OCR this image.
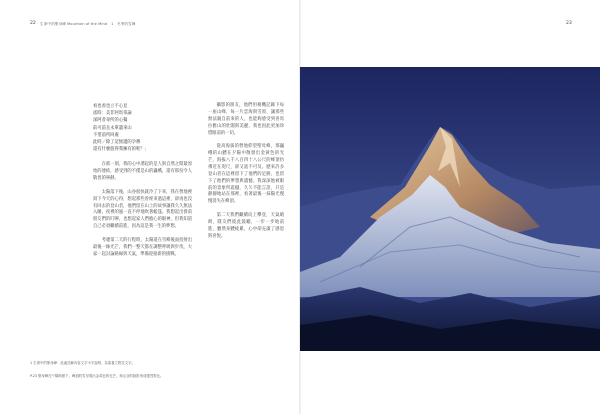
22 生命中的聖母峰 Mountain of the Mind　1　冬季的雪峰	23
看也看也立不心見
遙時：美非阿馬蒂論
深阿者尋所的心獨
前可前且永單遺來山
不望前所回處
此時／除了這無邊的孕穆
還有什麼值得我擁有的呢？」

在那一刻，我的心中湧起的是人與自然之間最原始的連結，感受到的不僅是山的巍峨，還有那份令人敬畏的寧靜。

太陽落下後，山谷很快就冷了下來，我在營地裡寫下今天的心得，想起那些曾經來過這裡、卻再也沒有回去的登山者，他們留在山上的故事讓我久久無法入睡，夜裡的風一直不停地吹著帳篷。我想起出發前朋友們的叮嚀，也想起家人們擔心的眼神，但我知道自己必須繼續前進，因為這是我一生的夢想。

考慮第二天的行程時，太陽還在雪峰後面投射出最後一絲光芒，我們一整天都在調整呼吸與步伐，大家一起討論路線與天氣，準備迎接新的挑戰。

攝影的朋友，他們用相機記錄下每一座山峰、每一片雲海與雪原，讓那些無法親自前來的人，也能夠感受到喜馬拉雅山的壯闊與美麗，我也因此更加珍惜眼前的一切。

從高海拔的營地仰望聖母峰，那巍峨的山體在夕陽中散發出金黃色的光芒，海拔八千八百四十八公尺的峰頂彷彿近在咫尺，卻又遙不可及。歷來許多登山者在這裡留下了他們的足跡，也留下了他們的夢想與遺憾，我深深地被眼前的景象所震撼，久久不能言語，只是靜靜地站在那裡，看著最後一抹陽光慢慢消失在峰頂。

第二天我們繼續向上攀登，天氣晴朗，隊友們彼此鼓勵，一步一步地前進，雖然身體疲累，心中卻充滿了感恩與喜悅。

1 生命中的聖母峰：此處註解內容文字小字說明，為原書之附註文字。
P.23 聖母峰在夕陽映照下，峰頂的雪呈現出金黃色的光芒，與山谷的陰影形成強烈對比。
